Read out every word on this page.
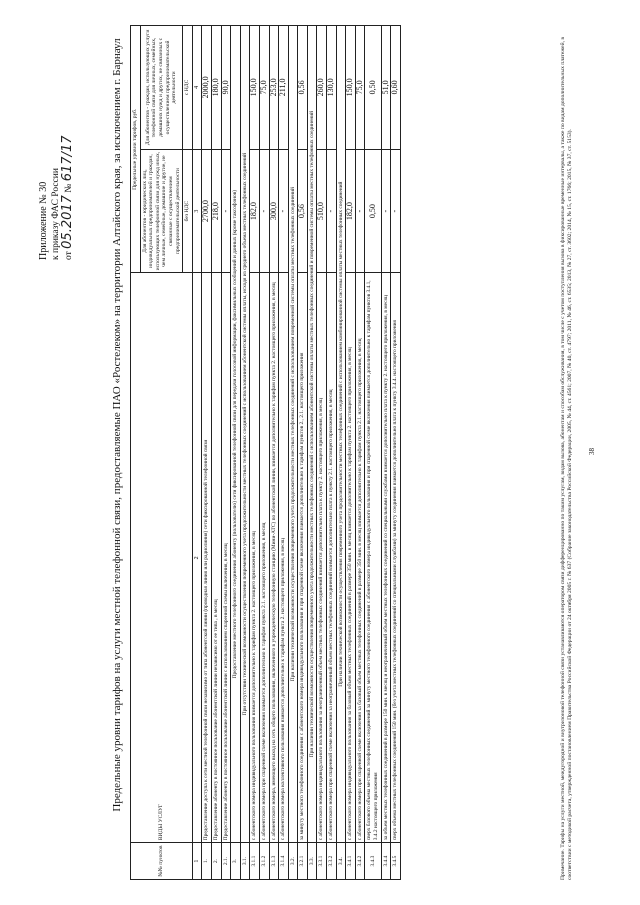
Приложение № 30 к приказу ФАС России от 05.2017 № 617/17	Предельные уровни тарифов на услуги местной телефонной связи, предоставляемые ПАО «Ростелеком» на территории Алтайского края, за исключением г. Барнаул
№№ пунктов	ВИДЫ УСЛУГ	Предельные уровни тарифов, руб.	
		Для абонентов - юридических лиц, индивидуальных предпринимателей и граждан, использующих телефонной связи для нужд иных, чем личные, семейные, домашние и другие, не связанные с осуществлением предпринимательской деятельности	Для абонентов - граждан, использующих услуги телефонной связи для личных, семейных, домашних нужд и других, не связанных с осуществлением предпринимательской деятельности
		без НДС	с НДС
1	2	3	4
1.	Предоставление доступа к сети местной телефонной связи независимо от типа абонентской линии (проводная линия или радиолиния) сети фиксированной телефонной связи	2700,0	2000,0
2.	Предоставление абоненту в постоянное пользование абонентской линии независимо от ее типа , в месяц	218,0	180,0
2.1.	Предоставление абоненту в постоянное пользование абонентской линии с использованием спаренной схемы включения, в месяц	-	90,0
3.	Предоставление местного телефонного соединения абоненту (пользователю) сети фиксированной телефонной связи для передачи голосовой информации, факсимильных сообщений и данных (кроме таксофонов)		
3.1.	При отсутствии технической возможности осуществления повременного учета продолжительности местных телефонных соединений с использованием абонентской системы оплаты, исходя из среднего объема местных телефонных соединений		
3.1.1	с абонентского номера индивидуального пользования взимается дополнительно к тарифам пункта 2. настоящего приложения, в месяц	182,0	150,0
3.1.2	с абонентского номера при спаренной схеме включения взимается дополнительно к тарифам пункта 2.1. настоящего приложения, в месяц	-	75,0
3.1.3	с абонентского номера, имеющего выход на сеть общего пользования, включенного в учрежденческую телефонную станцию (Мини-АТС) по абонентской линии, взимается дополнительно к тарифам пункта 2. настоящего приложения, в месяц	300,0	253,0
3.1.4	с абонентского номера коллективного пользования взимается дополнительно к тарифам пункта 2. настоящего приложения, в месяц	-	211,0
3.2.	При наличии технической возможности осуществления повременного учета продолжительности местных телефонных соединений с использованием повременной системы оплаты местных телефонных соединений		
3.2.1	за минуту местного телефонного соединения с абонентского номера индивидуального пользования и при спаренной схеме включения взимается дополнительно к тарифам пунктов 2., 2.1. настоящего приложения	0,56	0,56
3.3.	При наличии технической возможности осуществления повременного учета продолжительности местных телефонных соединений с использованием абонентской системы оплаты местных телефонных соединений и повременной системы оплаты местных телефонных соединений		
3.3.1	с абонентского номера индивидуального пользования за неограниченный объем местных телефонных соединений взимается дополнительно плата к пункту 2. настоящего приложения, в месяц	510,0	260,0
3.3.2	с абонентского номера при спаренной схеме включения за неограниченный объем местных телефонных соединений взимается дополнительно плата к пункту 2.1. настоящего приложения, в месяц	-	130,0
3.4.	При наличии технической возможности осуществления повременного учета продолжительности местных телефонных соединений с использованием комбинированной системы оплаты местных телефонных соединений		
3.4.1	с абонентского номера индивидуального пользования за базовый объем местных телефонных соединений в размере 350 мин. в месяц взимается дополнительно к тарифам пункта 2. настоящего приложения, в месяц	182,0	150,0
3.4.2	с абонентского номера при спаренной схеме включения за базовый объем местных телефонных соединений в размере 350 мин. в месяц взимается дополнительно к тарифам пункта 2.1. настоящего приложения, в месяц	-	75,0
3.4.3	сверх базового объема местных телефонных соединений за минуту местного телефонного соединения с абонентского номера индивидуального пользования и при спаренной схеме включения взимается дополнительно к тарифам пунктов 3.4.1, 3.4.2 настоящего приложения	0,50	0,50
3.4.4	за объем местных телефонных соединений в размере 150 мин. в месяц и неограниченный объем местных телефонных соединений со специальными службами взимается дополнительно плата к пункту 2. настоящего приложения, в месяц	-	51,0
3.4.5	сверх объема местных телефонных соединений 150 мин. (без учета местных телефонных соединений со специальными службами) за минуту соединения взимается дополнительно плата к пункту 3.4.4. настоящего приложения	-	0,60
Примечание. Тарифы на услуги местной, междугородной и внутризоновой телефонной связи устанавливаются оператором связи дифференцированно по таким услугам, видам вызова, абонентам и способам обслуживания, в том числе с учетом поступления вызова в фиксированные временные интервалы, а также по видам дополнительных платежей, в соответствии с методикой расчета, утвержденной постановлением Правительства Российской Федерации от 24 октября 2005 г. № 637 (Собрание законодательства Российской Федерации, 2005, № 44, ст. 4561; 2007, № 40, ст. 4797; 2011, № 46, ст. 6535; 2013, № 27, ст. 3602; 2014, № 15, ст. 1766; 2015, № 37, ст. 5153). 38
